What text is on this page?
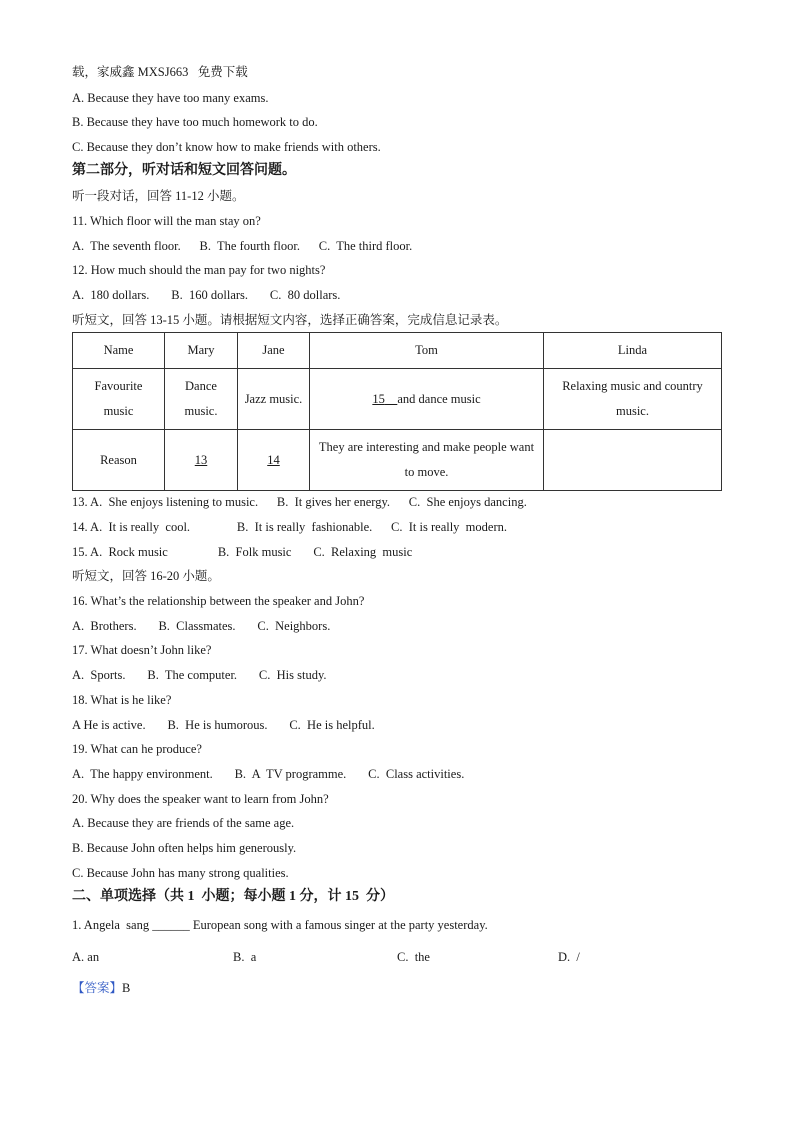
载，家威鑫 MXSJ663   免费下载
A. Because they have too many exams.
B. Because they have too much homework to do.
C. Because they don’t know how to make friends with others.
第二部分，听对话和短文回答问题。
听一段对话，回答 11-12 小题。
11. Which floor will the man stay on?
A.  The seventh floor.      B.  The fourth floor.      C.  The third floor.
12. How much should the man pay for two nights?
A.  180 dollars.       B.  160 dollars.       C.  80 dollars.
听短文，回答 13-15 小题。请根据短文内容，选择正确答案，完成信息记录表。
Name	Mary	Jane	Tom	Linda
Favourite music	Dance music.	Jazz music.	15 and dance music	Relaxing music and country music.
Reason	13	14	They are interesting and make people want to move.	
13. A.  She enjoys listening to music.      B.  It gives her energy.      C.  She enjoys dancing.
14. A.  It is really  cool.               B.  It is really  fashionable.      C.  It is really  modern.
15. A.  Rock music                B.  Folk music       C.  Relaxing  music
听短文，回答 16-20 小题。
16. What’s the relationship between the speaker and John?
A.  Brothers.       B.  Classmates.       C.  Neighbors.
17. What doesn’t John like?
A.  Sports.       B.  The computer.       C.  His study.
18. What is he like?
A He is active.       B.  He is humorous.       C.  He is helpful.
19. What can he produce?
A.  The happy environment.       B.  A  TV programme.       C.  Class activities.
20. Why does the speaker want to learn from John?
A. Because they are friends of the same age.
B. Because John often helps him generously.
C. Because John has many strong qualities.
二、单项选择（共 1  小题；每小题 1 分，计 15  分）
1. Angela  sang ______ European song with a famous singer at the party yesterday.
A. an	B.  a	C.  the	D.  /
【答案】B
